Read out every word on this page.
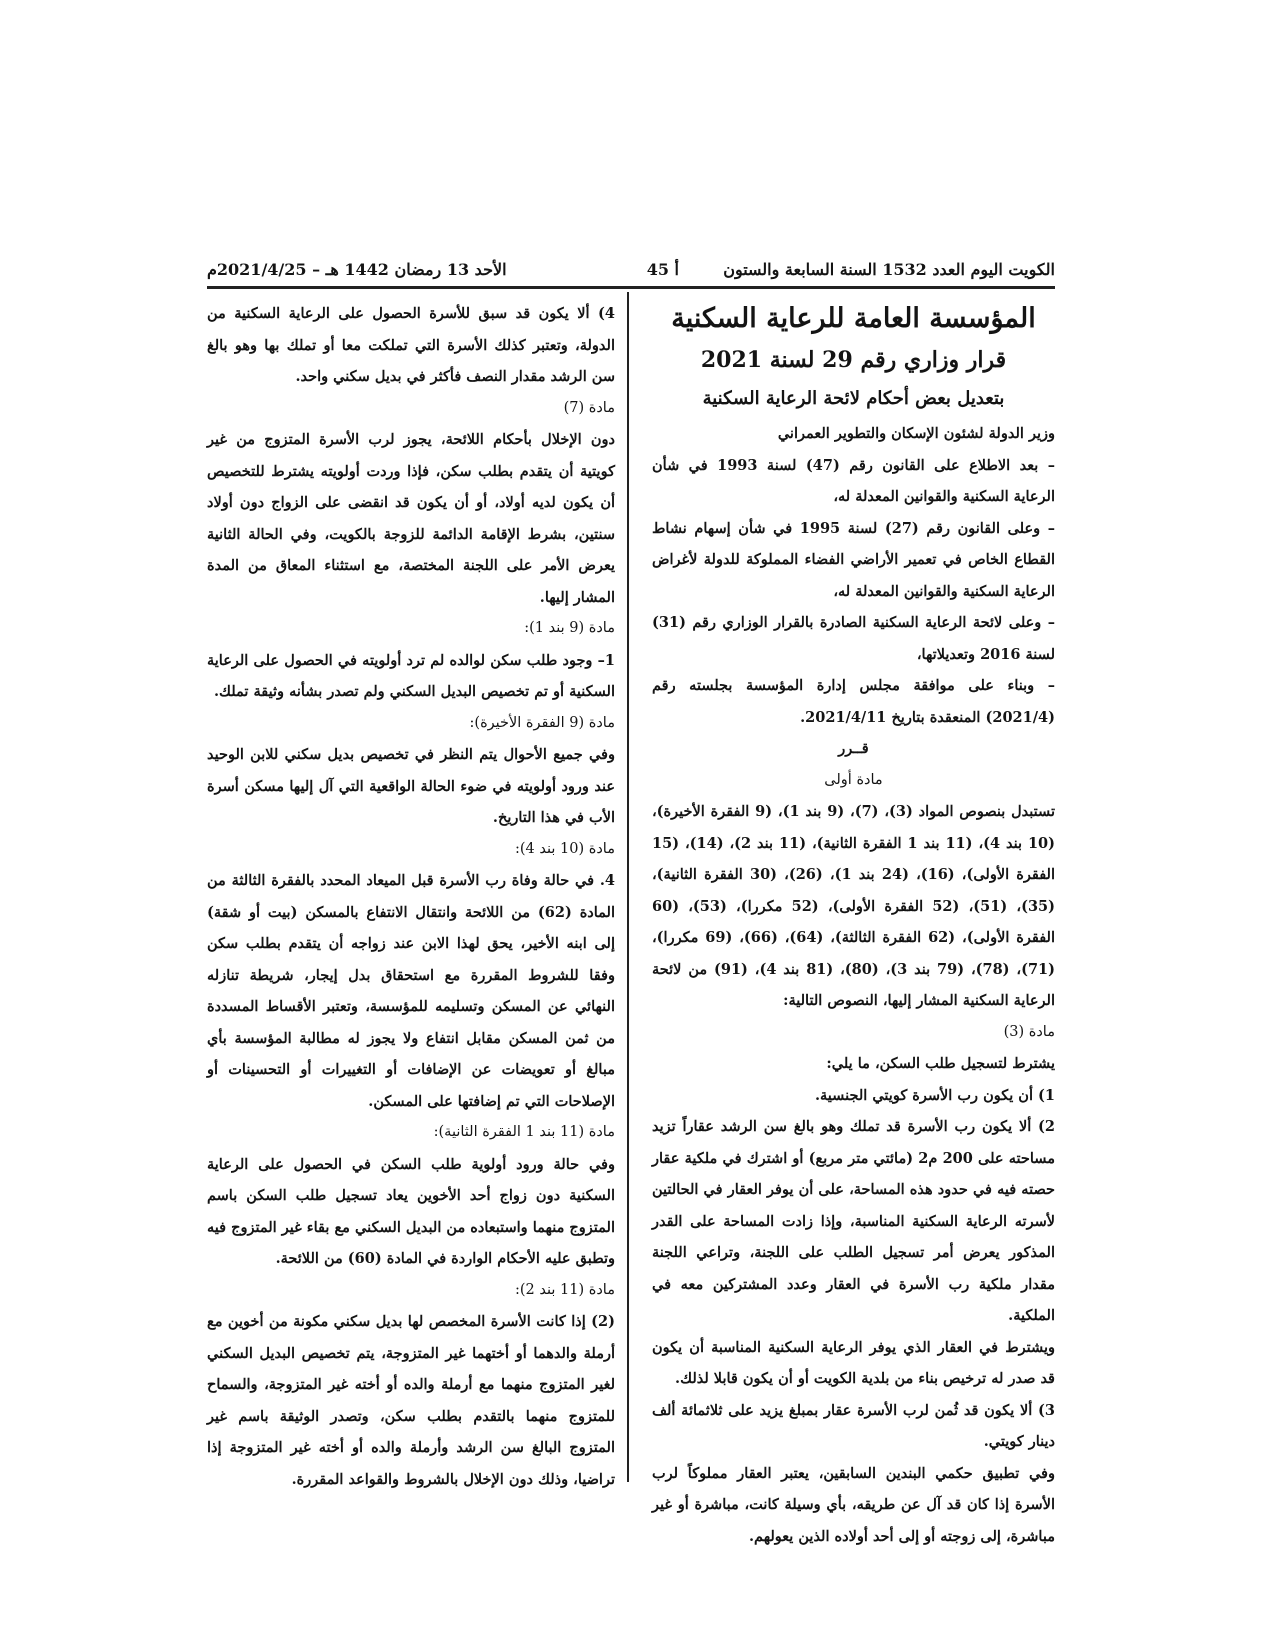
الكويت اليوم العدد 1532 السنة السابعة والستون
أ 45
الأحد 13 رمضان 1442 هـ – 2021/4/25م

المؤسسة العامة للرعاية السكنية

قرار وزاري رقم 29 لسنة 2021

بتعديل بعض أحكام لائحة الرعاية السكنية

وزير الدولة لشئون الإسكان والتطوير العمراني

– بعد الاطلاع على القانون رقم (47) لسنة 1993 في شأن الرعاية السكنية والقوانين المعدلة له،

– وعلى القانون رقم (27) لسنة 1995 في شأن إسهام نشاط القطاع الخاص في تعمير الأراضي الفضاء المملوكة للدولة لأغراض الرعاية السكنية والقوانين المعدلة له،

– وعلى لائحة الرعاية السكنية الصادرة بالقرار الوزاري رقم (31) لسنة 2016 وتعديلاتها،

– وبناء على موافقة مجلس إدارة المؤسسة بجلسته رقم (2021/4) المنعقدة بتاريخ 2021/4/11.

قــرر

مادة أولى

تستبدل بنصوص المواد (3)، (7)، (9 بند 1)، (9 الفقرة الأخيرة)، (10 بند 4)، (11 بند 1 الفقرة الثانية)، (11 بند 2)، (14)، (15 الفقرة الأولى)، (16)، (24 بند 1)، (26)، (30 الفقرة الثانية)، (35)، (51)، (52 الفقرة الأولى)، (52 مكررا)، (53)، (60 الفقرة الأولى)، (62 الفقرة الثالثة)، (64)، (66)، (69 مكررا)، (71)، (78)، (79 بند 3)، (80)، (81 بند 4)، (91) من لائحة الرعاية السكنية المشار إليها، النصوص التالية:

مادة (3)

يشترط لتسجيل طلب السكن، ما يلي:

1) أن يكون رب الأسرة كويتي الجنسية.

2) ألا يكون رب الأسرة قد تملك وهو بالغ سن الرشد عقاراً تزيد مساحته على 200 م2 (مائتي متر مربع) أو اشترك في ملكية عقار حصته فيه في حدود هذه المساحة، على أن يوفر العقار في الحالتين لأسرته الرعاية السكنية المناسبة، وإذا زادت المساحة على القدر المذكور يعرض أمر تسجيل الطلب على اللجنة، وتراعي اللجنة مقدار ملكية رب الأسرة في العقار وعدد المشتركين معه في الملكية.

ويشترط في العقار الذي يوفر الرعاية السكنية المناسبة أن يكون قد صدر له ترخيص بناء من بلدية الكويت أو أن يكون قابلا لذلك.

3) ألا يكون قد ثُمن لرب الأسرة عقار بمبلغ يزيد على ثلاثمائة ألف دينار كويتي.

وفي تطبيق حكمي البندين السابقين، يعتبر العقار مملوكاً لرب الأسرة إذا كان قد آل عن طريقه، بأي وسيلة كانت، مباشرة أو غير مباشرة، إلى زوجته أو إلى أحد أولاده الذين يعولهم.

4) ألا يكون قد سبق للأسرة الحصول على الرعاية السكنية من الدولة، وتعتبر كذلك الأسرة التي تملكت معا أو تملك بها وهو بالغ سن الرشد مقدار النصف فأكثر في بديل سكني واحد.

مادة (7)

دون الإخلال بأحكام اللائحة، يجوز لرب الأسرة المتزوج من غير كويتية أن يتقدم بطلب سكن، فإذا وردت أولويته يشترط للتخصيص أن يكون لديه أولاد، أو أن يكون قد انقضى على الزواج دون أولاد سنتين، بشرط الإقامة الدائمة للزوجة بالكويت، وفي الحالة الثانية يعرض الأمر على اللجنة المختصة، مع استثناء المعاق من المدة المشار إليها.

مادة (9 بند 1):

1– وجود طلب سكن لوالده لم ترد أولويته في الحصول على الرعاية السكنية أو تم تخصيص البديل السكني ولم تصدر بشأنه وثيقة تملك.

مادة (9 الفقرة الأخيرة):

وفي جميع الأحوال يتم النظر في تخصيص بديل سكني للابن الوحيد عند ورود أولويته في ضوء الحالة الواقعية التي آل إليها مسكن أسرة الأب في هذا التاريخ.

مادة (10 بند 4):

4. في حالة وفاة رب الأسرة قبل الميعاد المحدد بالفقرة الثالثة من المادة (62) من اللائحة وانتقال الانتفاع بالمسكن (بيت أو شقة) إلى ابنه الأخير، يحق لهذا الابن عند زواجه أن يتقدم بطلب سكن وفقا للشروط المقررة مع استحقاق بدل إيجار، شريطة تنازله النهائي عن المسكن وتسليمه للمؤسسة، وتعتبر الأقساط المسددة من ثمن المسكن مقابل انتفاع ولا يجوز له مطالبة المؤسسة بأي مبالغ أو تعويضات عن الإضافات أو التغييرات أو التحسينات أو الإصلاحات التي تم إضافتها على المسكن.

مادة (11 بند 1 الفقرة الثانية):

وفي حالة ورود أولوية طلب السكن في الحصول على الرعاية السكنية دون زواج أحد الأخوين يعاد تسجيل طلب السكن باسم المتزوج منهما واستبعاده من البديل السكني مع بقاء غير المتزوج فيه وتطبق عليه الأحكام الواردة في المادة (60) من اللائحة.

مادة (11 بند 2):

(2) إذا كانت الأسرة المخصص لها بديل سكني مكونة من أخوين مع أرملة والدهما أو أختهما غير المتزوجة، يتم تخصيص البديل السكني لغير المتزوج منهما مع أرملة والده أو أخته غير المتزوجة، والسماح للمتزوج منهما بالتقدم بطلب سكن، وتصدر الوثيقة باسم غير المتزوج البالغ سن الرشد وأرملة والده أو أخته غير المتزوجة إذا تراضيا، وذلك دون الإخلال بالشروط والقواعد المقررة.
